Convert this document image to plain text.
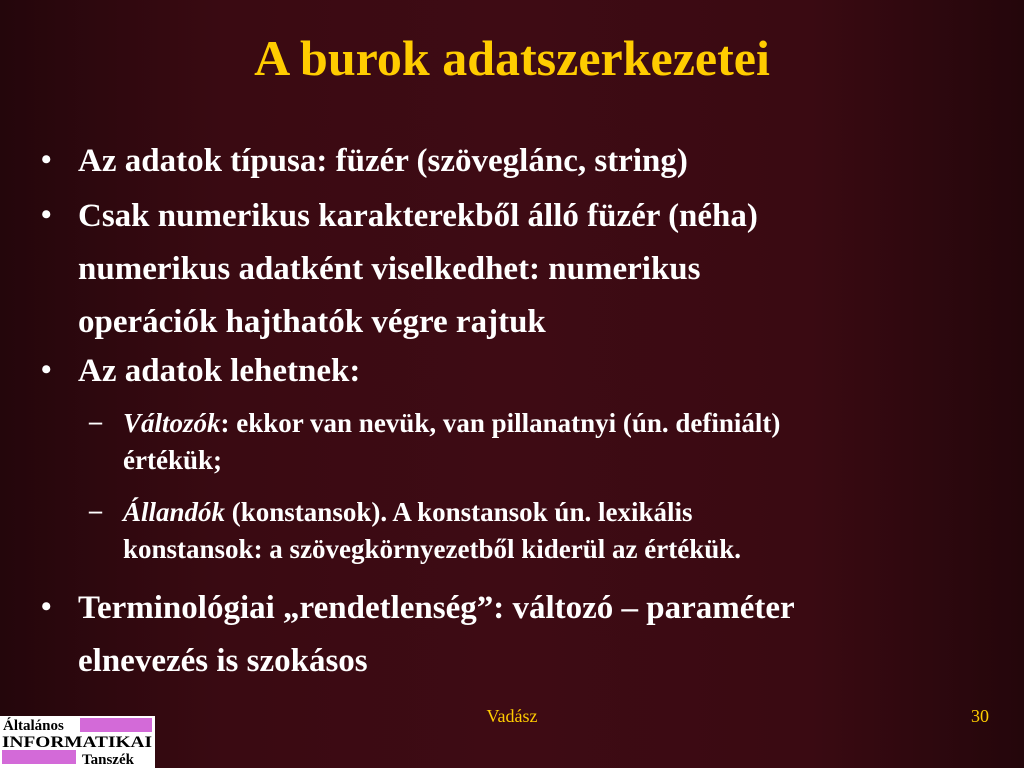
A burok adatszerkezetei
• Az adatok típusa: füzér (szöveglánc, string)
• Csak numerikus karakterekből álló füzér (néha)
numerikus adatként viselkedhet: numerikus
operációk hajthatók végre rajtuk
• Az adatok lehetnek:
– Változók: ekkor van nevük, van pillanatnyi (ún. definiált)
értékük;
– Állandók (konstansok). A konstansok ún. lexikális
konstansok: a szövegkörnyezetből kiderül az értékük.
• Terminológiai „rendetlenség”: változó – paraméter
elnevezés is szokásos
Vadász	30
Általános
INFORMATIKAI
Tanszék
